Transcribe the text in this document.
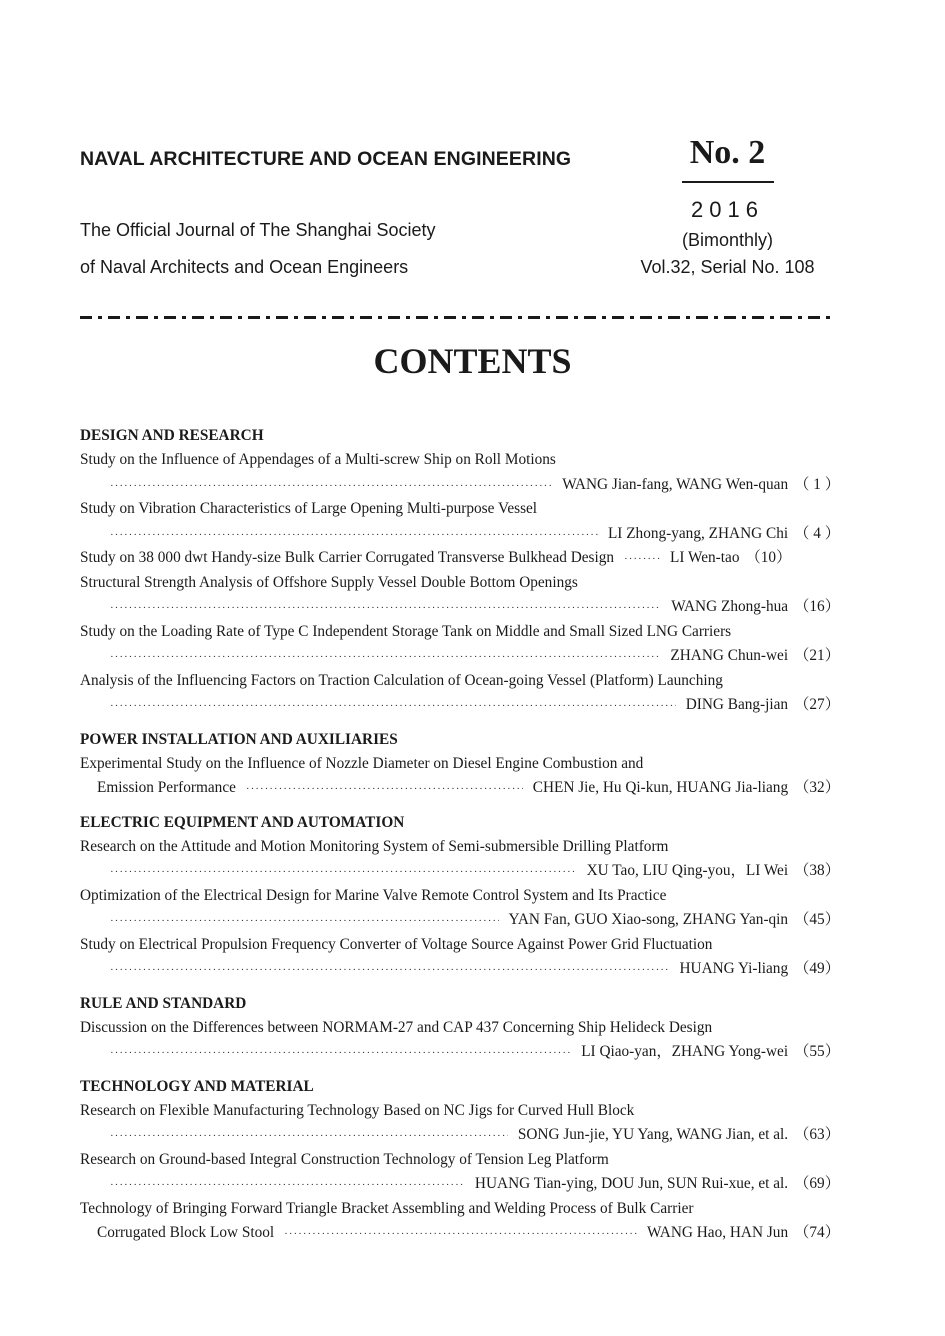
NAVAL ARCHITECTURE AND OCEAN ENGINEERING
The Official Journal of The Shanghai Society
of Naval Architects and Ocean Engineers
No. 2
2016
(Bimonthly)
Vol.32, Serial No. 108
CONTENTS
DESIGN AND RESEARCH
Study on the Influence of Appendages of a Multi-screw Ship on Roll Motions
·····
WANG Jian-fang, WANG Wen-quan （ 1 ）
Study on Vibration Characteristics of Large Opening Multi-purpose Vessel
·····
LI Zhong-yang, ZHANG Chi （ 4 ）
Study on 38 000 dwt Handy-size Bulk Carrier Corrugated Transverse Bulkhead Design ·····	LI Wen-tao （10）
Structural Strength Analysis of Offshore Supply Vessel Double Bottom Openings
·····
WANG Zhong-hua （16）
Study on the Loading Rate of Type C Independent Storage Tank on Middle and Small Sized LNG Carriers
·····
ZHANG Chun-wei （21）
Analysis of the Influencing Factors on Traction Calculation of Ocean-going Vessel (Platform) Launching
·····
DING Bang-jian （27）
POWER INSTALLATION AND AUXILIARIES
Experimental Study on the Influence of Nozzle Diameter on Diesel Engine Combustion and
Emission Performance ·····	CHEN Jie, Hu Qi-kun, HUANG Jia-liang （32）
ELECTRIC EQUIPMENT AND AUTOMATION
Research on the Attitude and Motion Monitoring System of Semi-submersible Drilling Platform
·····
XU Tao, LIU Qing-you，LI Wei （38）
Optimization of the Electrical Design for Marine Valve Remote Control System and Its Practice
·····
YAN Fan, GUO Xiao-song, ZHANG Yan-qin （45）
Study on Electrical Propulsion Frequency Converter of Voltage Source Against Power Grid Fluctuation
·····
HUANG Yi-liang （49）
RULE AND STANDARD
Discussion on the Differences between NORMAM-27 and CAP 437 Concerning Ship Helideck Design
·····
LI Qiao-yan，ZHANG Yong-wei （55）
TECHNOLOGY AND MATERIAL
Research on Flexible Manufacturing Technology Based on NC Jigs for Curved Hull Block
·····
SONG Jun-jie, YU Yang, WANG Jian, et al. （63）
Research on Ground-based Integral Construction Technology of Tension Leg Platform
·····
HUANG Tian-ying, DOU Jun, SUN Rui-xue, et al. （69）
Technology of Bringing Forward Triangle Bracket Assembling and Welding Process of Bulk Carrier
Corrugated Block Low Stool ·····	WANG Hao, HAN Jun （74）
